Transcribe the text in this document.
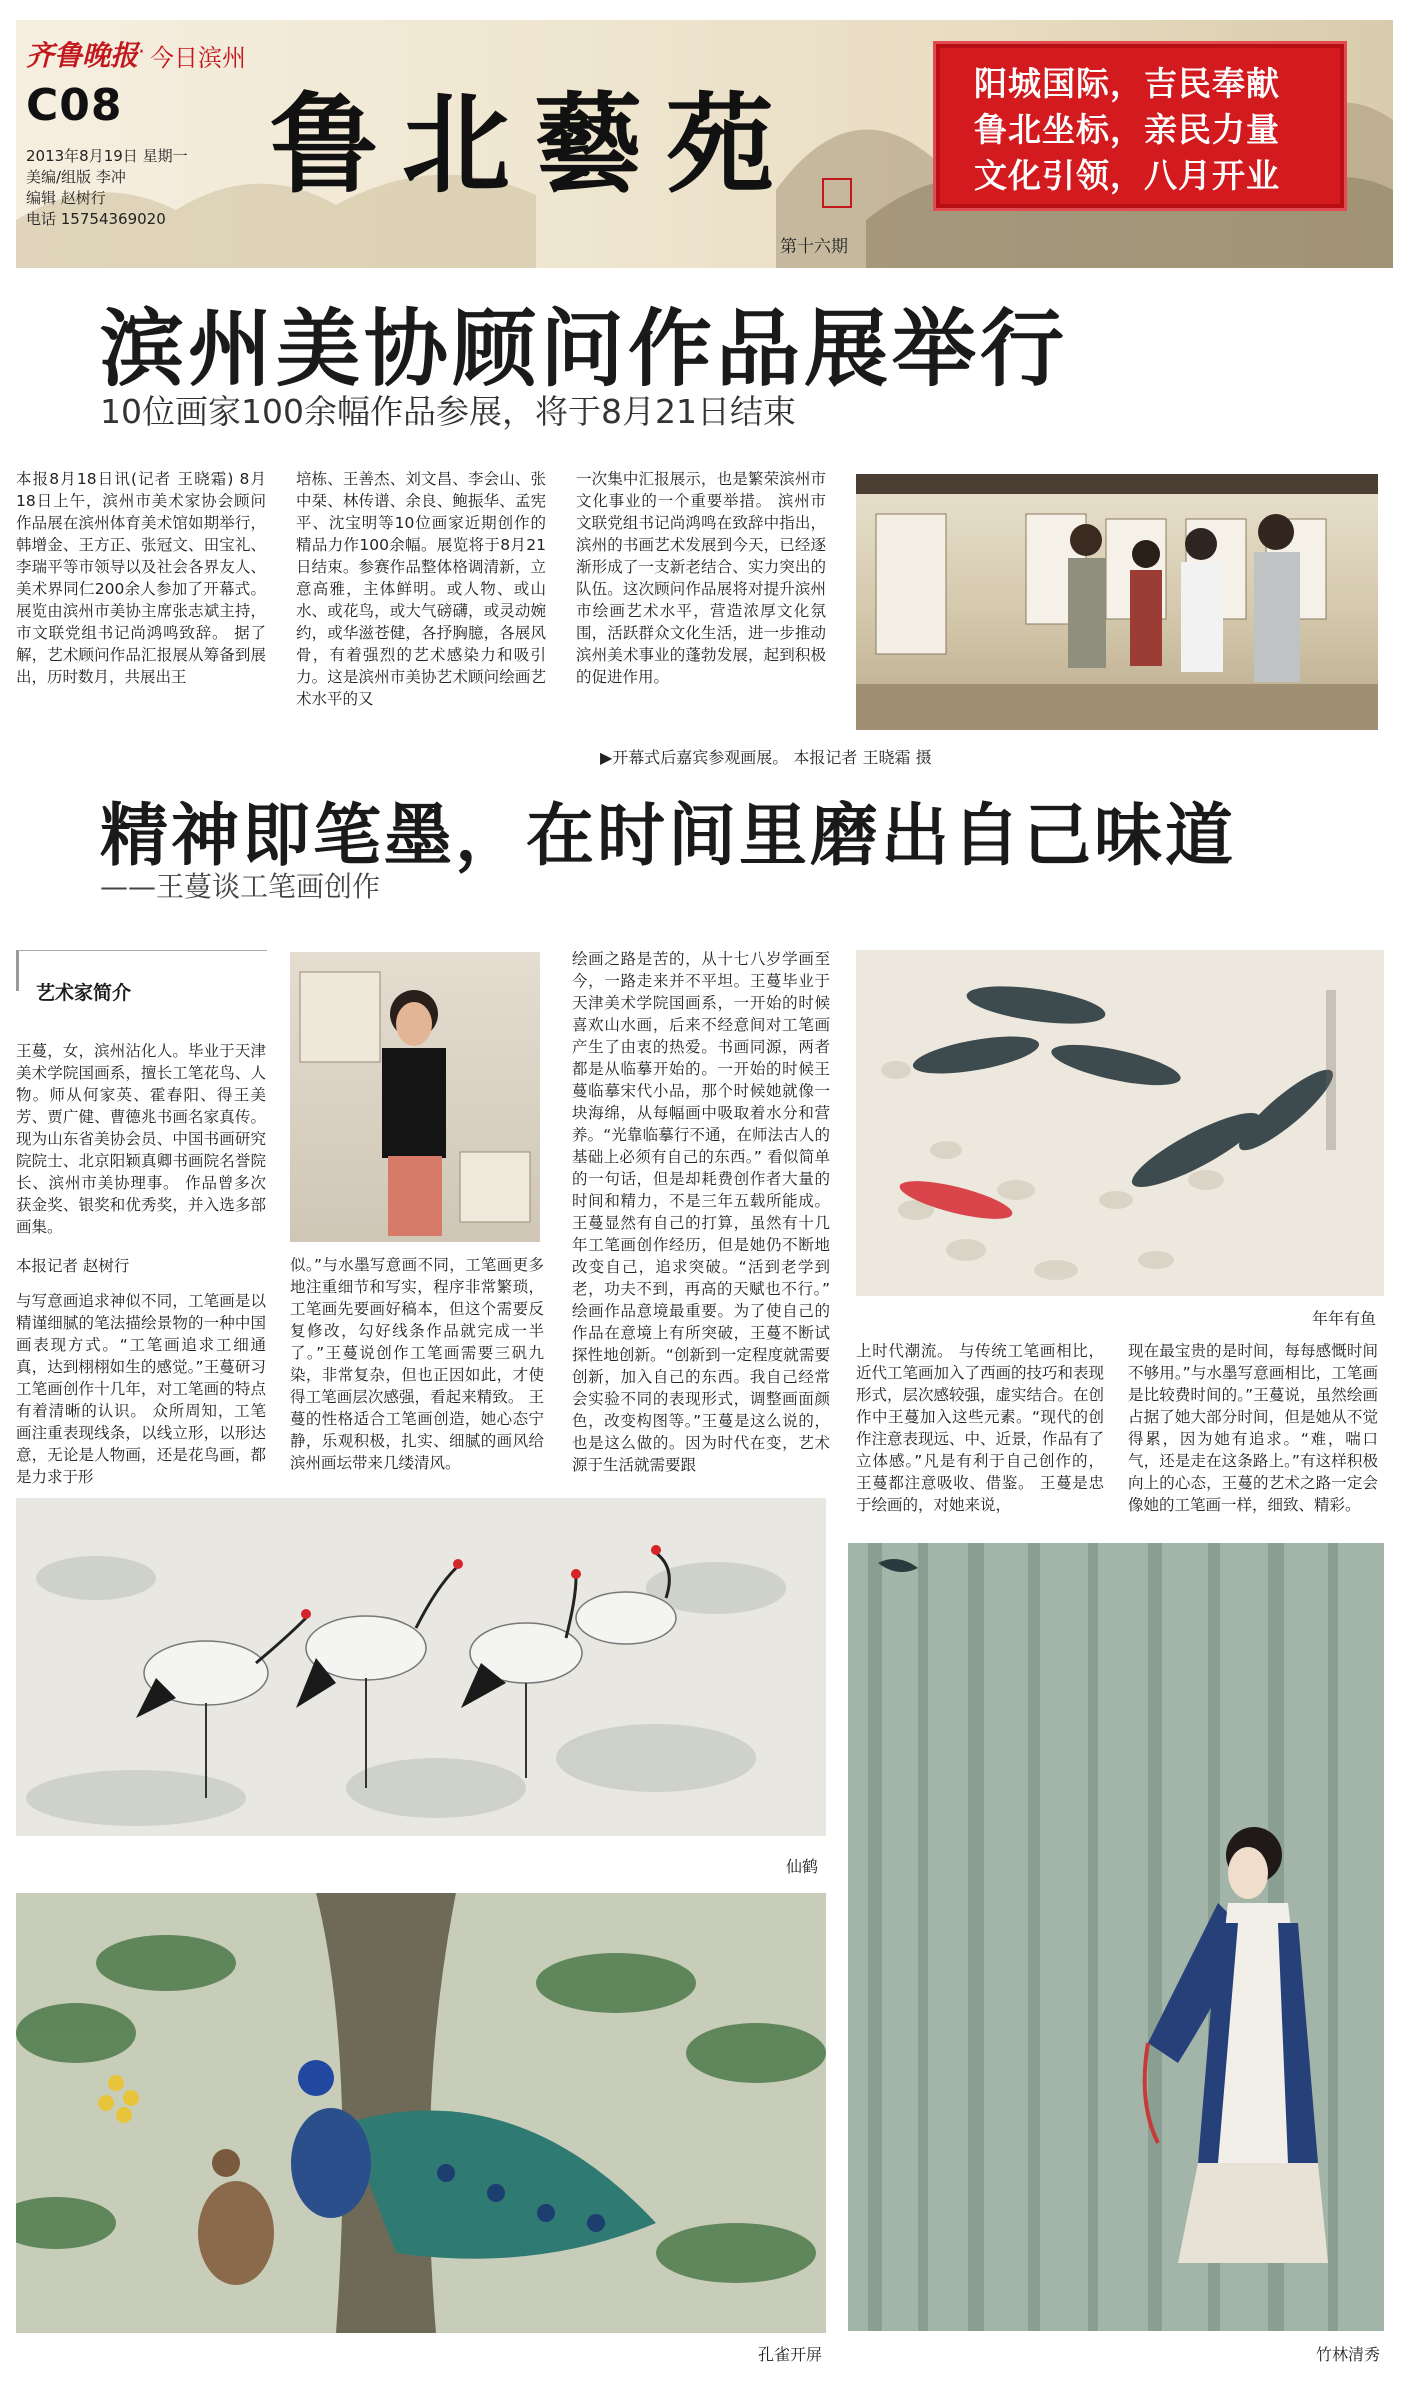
齐鲁晚报 · 今日滨州
C08
2013年8月19日 星期一
美编/组版 李冲
编辑 赵树行
电话 15754369020
鲁北藝苑
第十六期
阳城国际，吉民奉献
鲁北坐标，亲民力量
文化引领，八月开业
滨州美协顾问作品展举行
10位画家100余幅作品参展，将于8月21日结束
本报8月18日讯(记者 王晓霜) 8月18日上午，滨州市美术家协会顾问作品展在滨州体育美术馆如期举行，韩增金、王方正、张冠文、田宝礼、李瑞平等市领导以及社会各界友人、美术界同仁200余人参加了开幕式。展览由滨州市美协主席张志斌主持，市文联党组书记尚鸿鸣致辞。 据了解，艺术顾问作品汇报展从筹备到展出，历时数月，共展出王
培栋、王善杰、刘文昌、李会山、张中栞、林传谱、余良、鲍振华、孟宪平、沈宝明等10位画家近期创作的精品力作100余幅。展览将于8月21日结束。参赛作品整体格调清新，立意高雅，主体鲜明。或人物、或山水、或花鸟，或大气磅礴，或灵动婉约，或华滋苍健，各抒胸臆，各展风骨，有着强烈的艺术感染力和吸引力。这是滨州市美协艺术顾问绘画艺术水平的又
一次集中汇报展示，也是繁荣滨州市文化事业的一个重要举措。 滨州市文联党组书记尚鸿鸣在致辞中指出，滨州的书画艺术发展到今天，已经逐渐形成了一支新老结合、实力突出的队伍。这次顾问作品展将对提升滨州市绘画艺术水平，营造浓厚文化氛围，活跃群众文化生活，进一步推动滨州美术事业的蓬勃发展，起到积极的促进作用。
▶开幕式后嘉宾参观画展。 本报记者 王晓霜 摄
精神即笔墨，在时间里磨出自己味道
——王蔓谈工笔画创作
艺术家简介
王蔓，女，滨州沾化人。毕业于天津美术学院国画系，擅长工笔花鸟、人物。师从何家英、霍春阳、得王美芳、贾广健、曹德兆书画名家真传。现为山东省美协会员、中国书画研究院院士、北京阳颖真卿书画院名誉院长、滨州市美协理事。 作品曾多次获金奖、银奖和优秀奖，并入选多部画集。
本报记者 赵树行
与写意画追求神似不同，工笔画是以精谨细腻的笔法描绘景物的一种中国画表现方式。“工笔画追求工细通真，达到栩栩如生的感觉。”王蔓研习工笔画创作十几年，对工笔画的特点有着清晰的认识。 众所周知，工笔画注重表现线条，以线立形，以形达意，无论是人物画，还是花鸟画，都是力求于形
似。”与水墨写意画不同，工笔画更多地注重细节和写实，程序非常繁琐，工笔画先要画好稿本，但这个需要反复修改，勾好线条作品就完成一半了。”王蔓说创作工笔画需要三矾九染，非常复杂，但也正因如此，才使得工笔画层次感强，看起来精致。 王蔓的性格适合工笔画创造，她心态宁静，乐观积极，扎实、细腻的画风给滨州画坛带来几缕清风。
绘画之路是苦的，从十七八岁学画至今，一路走来并不平坦。王蔓毕业于天津美术学院国画系，一开始的时候喜欢山水画，后来不经意间对工笔画产生了由衷的热爱。书画同源，两者都是从临摹开始的。一开始的时候王蔓临摹宋代小品，那个时候她就像一块海绵，从每幅画中吸取着水分和营养。“光靠临摹行不通，在师法古人的基础上必须有自己的东西。” 看似简单的一句话，但是却耗费创作者大量的时间和精力，不是三年五载所能成。王蔓显然有自己的打算，虽然有十几年工笔画创作经历，但是她仍不断地改变自己，追求突破。“活到老学到老，功夫不到，再高的天赋也不行。” 绘画作品意境最重要。为了使自己的作品在意境上有所突破，王蔓不断试探性地创新。“创新到一定程度就需要创新，加入自己的东西。我自己经常会实验不同的表现形式，调整画面颜色，改变构图等。”王蔓是这么说的，也是这么做的。因为时代在变，艺术源于生活就需要跟
上时代潮流。 与传统工笔画相比，近代工笔画加入了西画的技巧和表现形式，层次感较强，虚实结合。在创作中王蔓加入这些元素。“现代的创作注意表现远、中、近景，作品有了立体感。”凡是有利于自己创作的，王蔓都注意吸收、借鉴。 王蔓是忠于绘画的，对她来说，
现在最宝贵的是时间，每每感慨时间不够用。”与水墨写意画相比，工笔画是比较费时间的。”王蔓说，虽然绘画占据了她大部分时间，但是她从不觉得累，因为她有追求。“难，喘口气，还是走在这条路上。”有这样积极向上的心态，王蔓的艺术之路一定会像她的工笔画一样，细致、精彩。
年年有鱼
仙鹤
孔雀开屏	竹林清秀
